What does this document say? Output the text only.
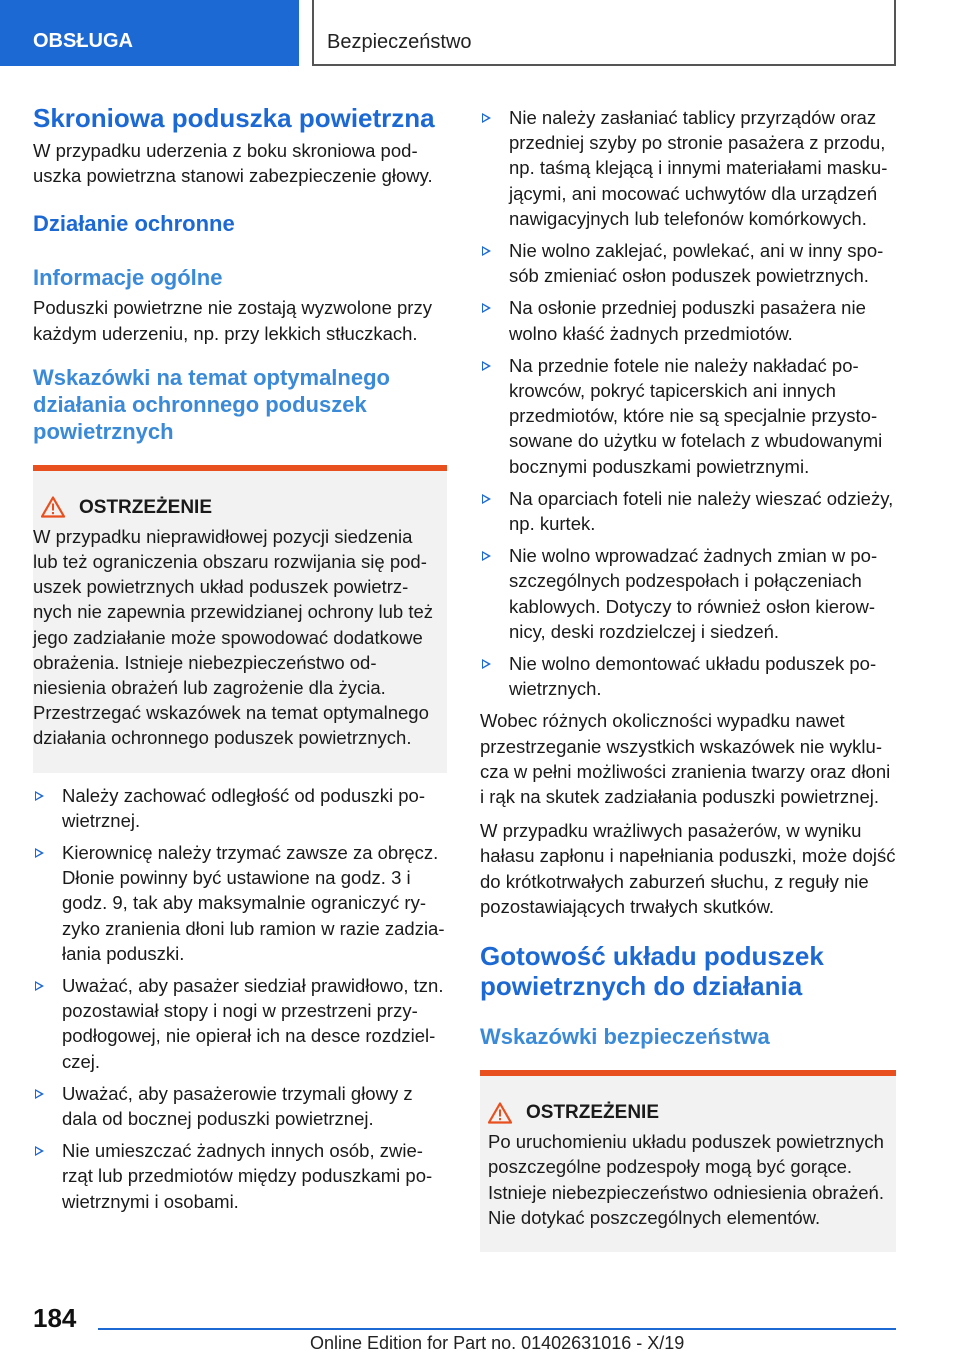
OBSŁUGA	Bezpieczeństwo
Skroniowa poduszka powietrzna

W przypadku uderzenia z boku skroniowa poduszka powietrzna stanowi zabezpieczenie głowy.

Działanie ochronne
Informacje ogólne

Poduszki powietrzne nie zostają wyzwolone przy każdym uderzeniu, np. przy lekkich stłuczkach.

Wskazówki na temat optymalnego działania ochronnego poduszek powietrznych
OSTRZEŻENIE

W przypadku nieprawidłowej pozycji siedzenia lub też ograniczenia obszaru rozwijania się poduszek powietrznych układ poduszek powietrznych nie zapewnia przewidzianej ochrony lub też jego zadziałanie może spowodować dodatkowe obrażenia. Istnieje niebezpieczeństwo odniesienia obrażeń lub zagrożenie dla życia. Przestrzegać wskazówek na temat optymalnego działania ochronnego poduszek powietrznych.

Należy zachować odległość od poduszki powietrznej.
Kierownicę należy trzymać zawsze za obręcz. Dłonie powinny być ustawione na godz. 3 i godz. 9, tak aby maksymalnie ograniczyć ryzyko zranienia dłoni lub ramion w razie zadziałania poduszki.
Uważać, aby pasażer siedział prawidłowo, tzn. pozostawiał stopy i nogi w przestrzeni przypodłogowej, nie opierał ich na desce rozdzielczej.
Uważać, aby pasażerowie trzymali głowy z dala od bocznej poduszki powietrznej.
Nie umieszczać żadnych innych osób, zwierząt lub przedmiotów między poduszkami powietrznymi i osobami.
Nie należy zasłaniać tablicy przyrządów oraz przedniej szyby po stronie pasażera z przodu, np. taśmą klejącą i innymi materiałami maskującymi, ani mocować uchwytów dla urządzeń nawigacyjnych lub telefonów komórkowych.
Nie wolno zaklejać, powlekać, ani w inny sposób zmieniać osłon poduszek powietrznych.
Na osłonie przedniej poduszki pasażera nie wolno kłaść żadnych przedmiotów.
Na przednie fotele nie należy nakładać pokrowców, pokryć tapicerskich ani innych przedmiotów, które nie są specjalnie przystosowane do użytku w fotelach z wbudowanymi bocznymi poduszkami powietrznymi.
Na oparciach foteli nie należy wieszać odzieży, np. kurtek.
Nie wolno wprowadzać żadnych zmian w poszczególnych podzespołach i połączeniach kablowych. Dotyczy to również osłon kierownicy, deski rozdzielczej i siedzeń.
Nie wolno demontować układu poduszek powietrznych.

Wobec różnych okoliczności wypadku nawet przestrzeganie wszystkich wskazówek nie wyklucza w pełni możliwości zranienia twarzy oraz dłoni i rąk na skutek zadziałania poduszki powietrznej.

W przypadku wrażliwych pasażerów, w wyniku hałasu zapłonu i napełniania poduszki, może dojść do krótkotrwałych zaburzeń słuchu, z reguły nie pozostawiających trwałych skutków.

Gotowość układu poduszek powietrznych do działania
Wskazówki bezpieczeństwa
OSTRZEŻENIE

Po uruchomieniu układu poduszek powietrznych poszczególne podzespoły mogą być gorące. Istnieje niebezpieczeństwo odniesienia obrażeń. Nie dotykać poszczególnych elementów.

184
Online Edition for Part no. 01402631016 - X/19
